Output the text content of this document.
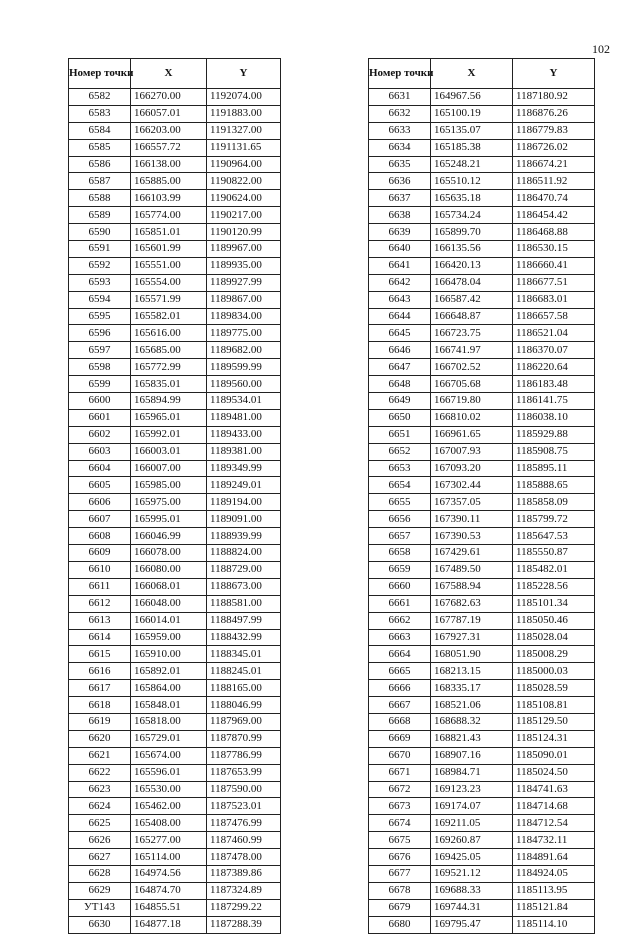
102
Номер точки	X	Y
6582	166270.00	1192074.00
6583	166057.01	1191883.00
6584	166203.00	1191327.00
6585	166557.72	1191131.65
6586	166138.00	1190964.00
6587	165885.00	1190822.00
6588	166103.99	1190624.00
6589	165774.00	1190217.00
6590	165851.01	1190120.99
6591	165601.99	1189967.00
6592	165551.00	1189935.00
6593	165554.00	1189927.99
6594	165571.99	1189867.00
6595	165582.01	1189834.00
6596	165616.00	1189775.00
6597	165685.00	1189682.00
6598	165772.99	1189599.99
6599	165835.01	1189560.00
6600	165894.99	1189534.01
6601	165965.01	1189481.00
6602	165992.01	1189433.00
6603	166003.01	1189381.00
6604	166007.00	1189349.99
6605	165985.00	1189249.01
6606	165975.00	1189194.00
6607	165995.01	1189091.00
6608	166046.99	1188939.99
6609	166078.00	1188824.00
6610	166080.00	1188729.00
6611	166068.01	1188673.00
6612	166048.00	1188581.00
6613	166014.01	1188497.99
6614	165959.00	1188432.99
6615	165910.00	1188345.01
6616	165892.01	1188245.01
6617	165864.00	1188165.00
6618	165848.01	1188046.99
6619	165818.00	1187969.00
6620	165729.01	1187870.99
6621	165674.00	1187786.99
6622	165596.01	1187653.99
6623	165530.00	1187590.00
6624	165462.00	1187523.01
6625	165408.00	1187476.99
6626	165277.00	1187460.99
6627	165114.00	1187478.00
6628	164974.56	1187389.86
6629	164874.70	1187324.89
УТ143	164855.51	1187299.22
6630	164877.18	1187288.39
Номер точки	X	Y
6631	164967.56	1187180.92
6632	165100.19	1186876.26
6633	165135.07	1186779.83
6634	165185.38	1186726.02
6635	165248.21	1186674.21
6636	165510.12	1186511.92
6637	165635.18	1186470.74
6638	165734.24	1186454.42
6639	165899.70	1186468.88
6640	166135.56	1186530.15
6641	166420.13	1186660.41
6642	166478.04	1186677.51
6643	166587.42	1186683.01
6644	166648.87	1186657.58
6645	166723.75	1186521.04
6646	166741.97	1186370.07
6647	166702.52	1186220.64
6648	166705.68	1186183.48
6649	166719.80	1186141.75
6650	166810.02	1186038.10
6651	166961.65	1185929.88
6652	167007.93	1185908.75
6653	167093.20	1185895.11
6654	167302.44	1185888.65
6655	167357.05	1185858.09
6656	167390.11	1185799.72
6657	167390.53	1185647.53
6658	167429.61	1185550.87
6659	167489.50	1185482.01
6660	167588.94	1185228.56
6661	167682.63	1185101.34
6662	167787.19	1185050.46
6663	167927.31	1185028.04
6664	168051.90	1185008.29
6665	168213.15	1185000.03
6666	168335.17	1185028.59
6667	168521.06	1185108.81
6668	168688.32	1185129.50
6669	168821.43	1185124.31
6670	168907.16	1185090.01
6671	168984.71	1185024.50
6672	169123.23	1184741.63
6673	169174.07	1184714.68
6674	169211.05	1184712.54
6675	169260.87	1184732.11
6676	169425.05	1184891.64
6677	169521.12	1184924.05
6678	169688.33	1185113.95
6679	169744.31	1185121.84
6680	169795.47	1185114.10
